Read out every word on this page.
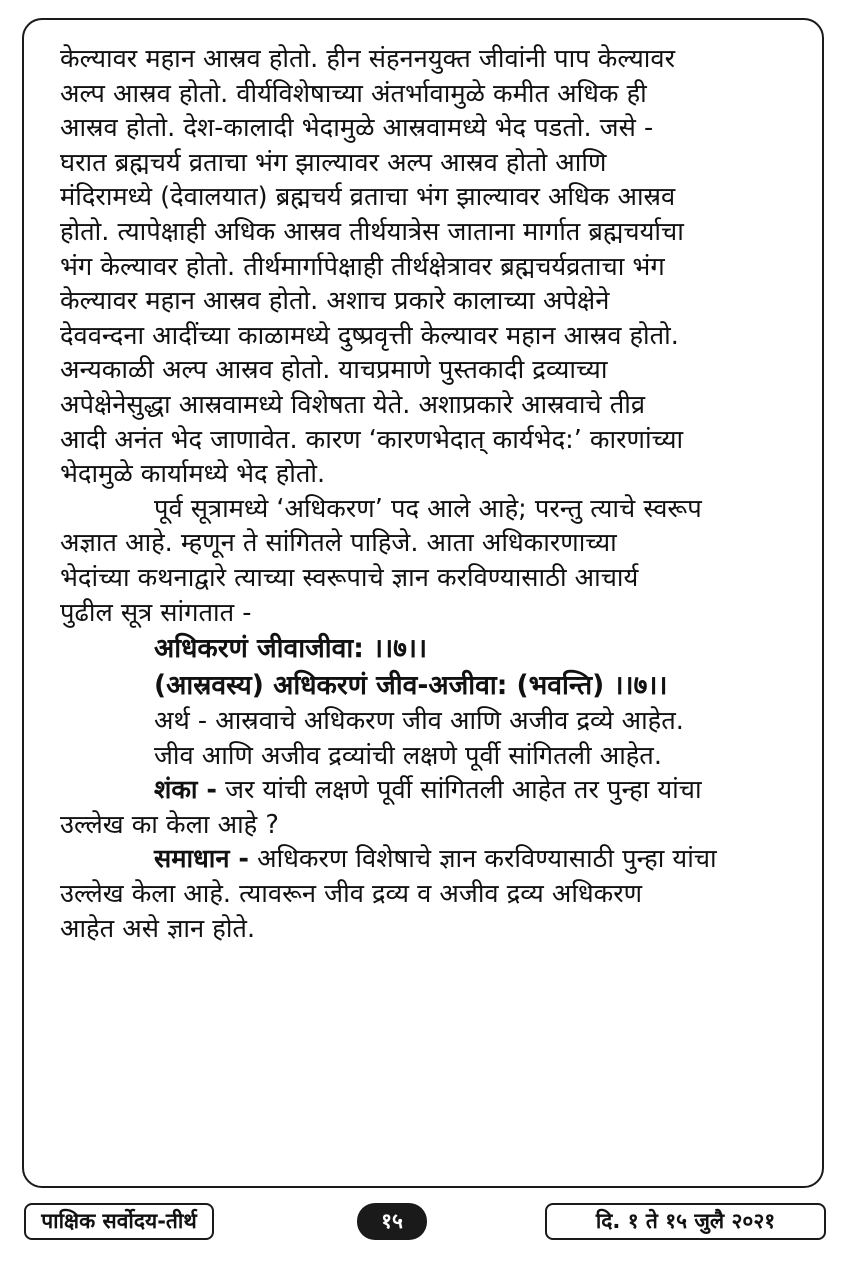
केल्यावर महान आस्रव होतो. हीन संहननयुक्त जीवांनी पाप केल्यावर
अल्प आस्रव होतो. वीर्यविशेषाच्या अंतर्भावामुळे कमीत अधिक ही
आस्रव होतो. देश-कालादी भेदामुळे आस्रवामध्ये भेद पडतो. जसे -
घरात ब्रह्मचर्य व्रताचा भंग झाल्यावर अल्प आस्रव होतो आणि
मंदिरामध्ये (देवालयात) ब्रह्मचर्य व्रताचा भंग झाल्यावर अधिक आस्रव
होतो. त्यापेक्षाही अधिक आस्रव तीर्थयात्रेस जाताना मार्गात ब्रह्मचर्याचा
भंग केल्यावर होतो. तीर्थमार्गापेक्षाही तीर्थक्षेत्रावर ब्रह्मचर्यव्रताचा भंग
केल्यावर महान आस्रव होतो. अशाच प्रकारे कालाच्या अपेक्षेने
देववन्दना आदींच्या काळामध्ये दुष्प्रवृत्ती केल्यावर महान आस्रव होतो.
अन्यकाळी अल्प आस्रव होतो. याचप्रमाणे पुस्तकादी द्रव्याच्या
अपेक्षेनेसुद्धा आस्रवामध्ये विशेषता येते. अशाप्रकारे आस्रवाचे तीव्र
आदी अनंत भेद जाणावेत. कारण ‘कारणभेदात् कार्यभेद:’ कारणांच्या
भेदामुळे कार्यामध्ये भेद होतो.

पूर्व सूत्रामध्ये ‘अधिकरण’ पद आले आहे; परन्तु त्याचे स्वरूप
अज्ञात आहे. म्हणून ते सांगितले पाहिजे. आता अधिकारणाच्या
भेदांच्या कथनाद्वारे त्याच्या स्वरूपाचे ज्ञान करविण्यासाठी आचार्य
पुढील सूत्र सांगतात -

अधिकरणं जीवाजीवा: ।।७।।
(आस्रवस्य) अधिकरणं जीव-अजीवा: (भवन्ति) ।।७।।
अर्थ - आस्रवाचे अधिकरण जीव आणि अजीव द्रव्ये आहेत.
जीव आणि अजीव द्रव्यांची लक्षणे पूर्वी सांगितली आहेत.

शंका - जर यांची लक्षणे पूर्वी सांगितली आहेत तर पुन्हा यांचा
उल्लेख का केला आहे ?

समाधान - अधिकरण विशेषाचे ज्ञान करविण्यासाठी पुन्हा यांचा
उल्लेख केला आहे. त्यावरून जीव द्रव्य व अजीव द्रव्य अधिकरण
आहेत असे ज्ञान होते.

पाक्षिक सर्वोदय-तीर्थ	१५	दि. १ ते १५ जुलै २०२१
